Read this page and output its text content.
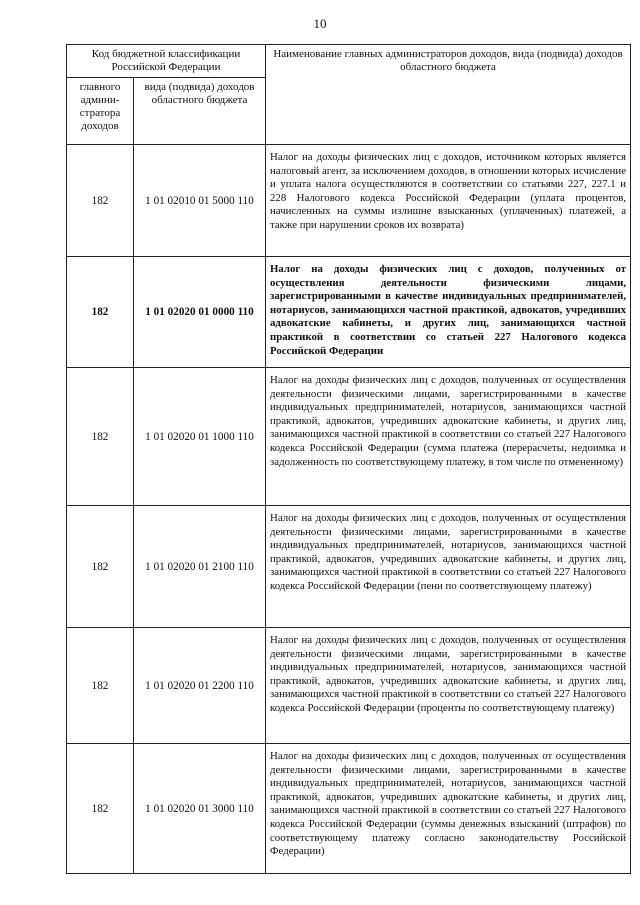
10
Код бюджетной классификации Российской Федерации		Наименование главных администраторов доходов, вида (подвида) доходов областного бюджета
главного админи-стратора доходов	вида (подвида) доходов областного бюджета	
182	1 01 02010 01 5000 110	Налог на доходы физических лиц с доходов, источником которых является налоговый агент, за исключением доходов, в отношении которых исчисление и уплата налога осуществляются в соответствии со статьями 227, 227.1 и 228 Налогового кодекса Российской Федерации (уплата процентов, начисленных на суммы излишне взысканных (уплаченных) платежей, а также при нарушении сроков их возврата)
182	1 01 02020 01 0000 110	Налог на доходы физических лиц с доходов, полученных от осуществления деятельности физическими лицами, зарегистрированными в качестве индивидуальных предпринимателей, нотариусов, занимающихся частной практикой, адвокатов, учредивших адвокатские кабинеты, и других лиц, занимающихся частной практикой в соответствии со статьей 227 Налогового кодекса Российской Федерации
182	1 01 02020 01 1000 110	Налог на доходы физических лиц с доходов, полученных от осуществления деятельности физическими лицами, зарегистрированными в качестве индивидуальных предпринимателей, нотариусов, занимающихся частной практикой, адвокатов, учредивших адвокатские кабинеты, и других лиц, занимающихся частной практикой в соответствии со статьей 227 Налогового кодекса Российской Федерации (сумма платежа (перерасчеты, недоимка и задолженность по соответствующему платежу, в том числе по отмененному)
182	1 01 02020 01 2100 110	Налог на доходы физических лиц с доходов, полученных от осуществления деятельности физическими лицами, зарегистрированными в качестве индивидуальных предпринимателей, нотариусов, занимающихся частной практикой, адвокатов, учредивших адвокатские кабинеты, и других лиц, занимающихся частной практикой в соответствии со статьей 227 Налогового кодекса Российской Федерации (пени по соответствующему платежу)
182	1 01 02020 01 2200 110	Налог на доходы физических лиц с доходов, полученных от осуществления деятельности физическими лицами, зарегистрированными в качестве индивидуальных предпринимателей, нотариусов, занимающихся частной практикой, адвокатов, учредивших адвокатские кабинеты, и других лиц, занимающихся частной практикой в соответствии со статьей 227 Налогового кодекса Российской Федерации (проценты по соответствующему платежу)
182	1 01 02020 01 3000 110	Налог на доходы физических лиц с доходов, полученных от осуществления деятельности физическими лицами, зарегистрированными в качестве индивидуальных предпринимателей, нотариусов, занимающихся частной практикой, адвокатов, учредивших адвокатские кабинеты, и других лиц, занимающихся частной практикой в соответствии со статьей 227 Налогового кодекса Российской Федерации (суммы денежных взысканий (штрафов) по соответствующему платежу согласно законодательству Российской Федерации)
